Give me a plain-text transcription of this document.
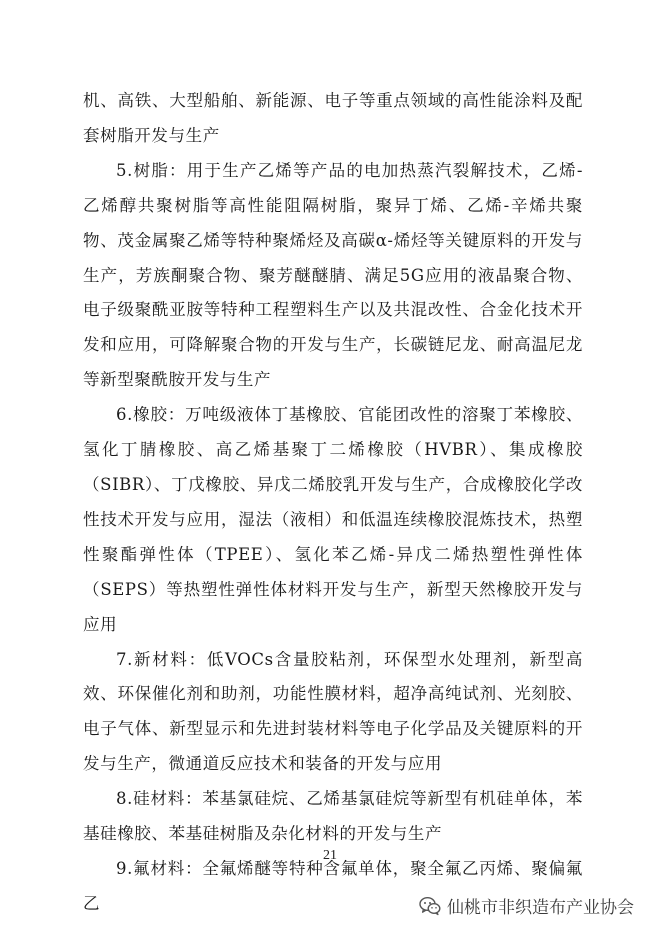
机、高铁、大型船舶、新能源、电子等重点领域的高性能涂料及配套树脂开发与生产

5.树脂：用于生产乙烯等产品的电加热蒸汽裂解技术，乙烯-乙烯醇共聚树脂等高性能阻隔树脂，聚异丁烯、乙烯-辛烯共聚物、茂金属聚乙烯等特种聚烯烃及高碳α-烯烃等关键原料的开发与生产，芳族酮聚合物、聚芳醚醚腈、满足5G应用的液晶聚合物、电子级聚酰亚胺等特种工程塑料生产以及共混改性、合金化技术开发和应用，可降解聚合物的开发与生产，长碳链尼龙、耐高温尼龙等新型聚酰胺开发与生产

6.橡胶：万吨级液体丁基橡胶、官能团改性的溶聚丁苯橡胶、氢化丁腈橡胶、高乙烯基聚丁二烯橡胶（HVBR）、集成橡胶（SIBR）、丁戊橡胶、异戊二烯胶乳开发与生产，合成橡胶化学改性技术开发与应用，湿法（液相）和低温连续橡胶混炼技术，热塑性聚酯弹性体（TPEE）、氢化苯乙烯-异戊二烯热塑性弹性体（SEPS）等热塑性弹性体材料开发与生产，新型天然橡胶开发与应用

7.新材料：低VOCs含量胶粘剂，环保型水处理剂，新型高效、环保催化剂和助剂，功能性膜材料，超净高纯试剂、光刻胶、电子气体、新型显示和先进封装材料等电子化学品及关键原料的开发与生产，微通道反应技术和装备的开发与应用

8.硅材料：苯基氯硅烷、乙烯基氯硅烷等新型有机硅单体，苯基硅橡胶、苯基硅树脂及杂化材料的开发与生产

9.氟材料：全氟烯醚等特种含氟单体，聚全氟乙丙烯、聚偏氟乙

21
仙桃市非织造布产业协会
